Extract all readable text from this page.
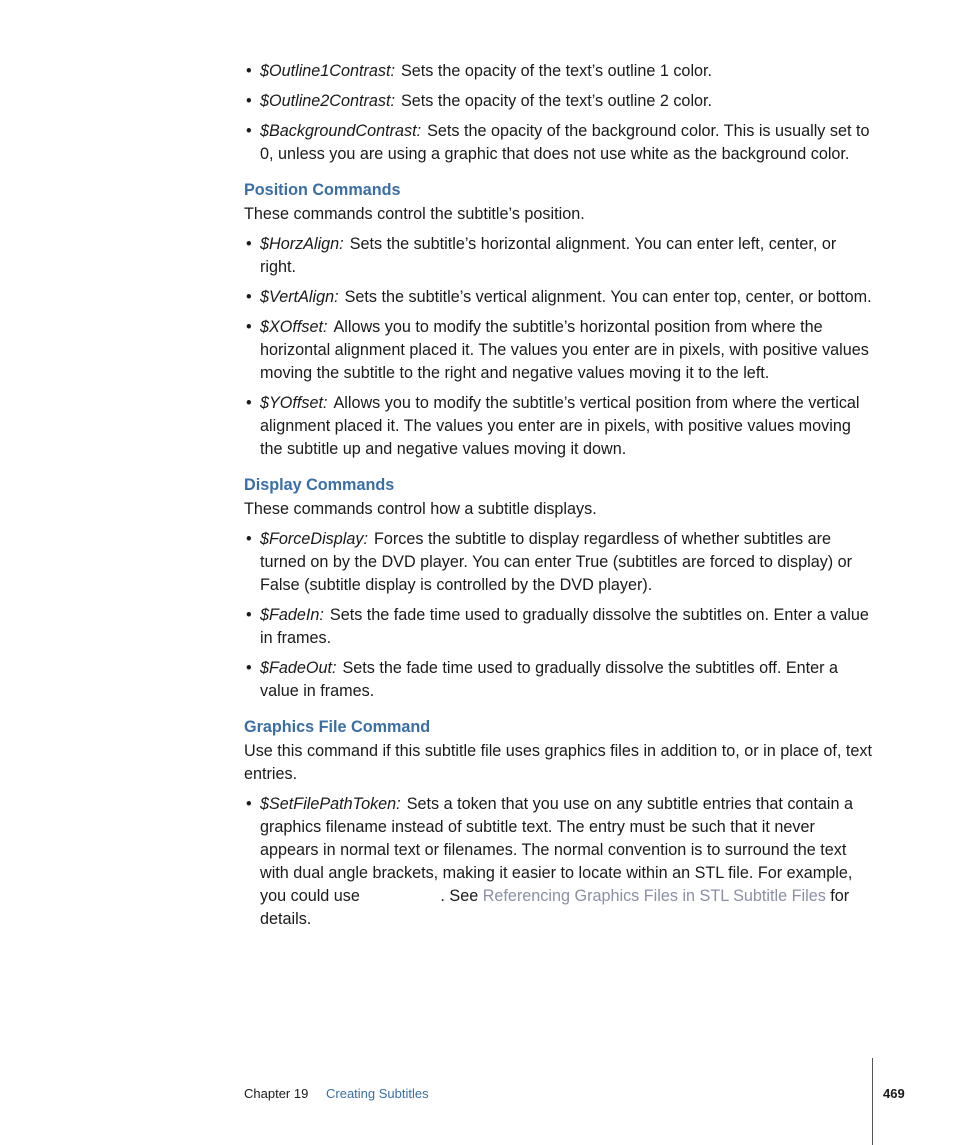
• $Outline1Contrast: Sets the opacity of the text’s outline 1 color.
• $Outline2Contrast: Sets the opacity of the text’s outline 2 color.
• $BackgroundContrast: Sets the opacity of the background color. This is usually set to 0, unless you are using a graphic that does not use white as the background color.
Position Commands

These commands control the subtitle’s position.

• $HorzAlign: Sets the subtitle’s horizontal alignment. You can enter left, center, or right.
• $VertAlign: Sets the subtitle’s vertical alignment. You can enter top, center, or bottom.
• $XOffset: Allows you to modify the subtitle’s horizontal position from where the horizontal alignment placed it. The values you enter are in pixels, with positive values moving the subtitle to the right and negative values moving it to the left.
• $YOffset: Allows you to modify the subtitle’s vertical position from where the vertical alignment placed it. The values you enter are in pixels, with positive values moving the subtitle up and negative values moving it down.
Display Commands

These commands control how a subtitle displays.

• $ForceDisplay: Forces the subtitle to display regardless of whether subtitles are turned on by the DVD player. You can enter True (subtitles are forced to display) or False (subtitle display is controlled by the DVD player).
• $FadeIn: Sets the fade time used to gradually dissolve the subtitles on. Enter a value in frames.
• $FadeOut: Sets the fade time used to gradually dissolve the subtitles off. Enter a value in frames.
Graphics File Command

Use this command if this subtitle file uses graphics files in addition to, or in place of, text entries.

• $SetFilePathToken: Sets a token that you use on any subtitle entries that contain a graphics filename instead of subtitle text. The entry must be such that it never appears in normal text or filenames. The normal convention is to surround the text with dual angle brackets, making it easier to locate within an STL file. For example, you could use	. See Referencing Graphics Files in STL Subtitle Files for details.
Chapter 19 Creating Subtitles	469
